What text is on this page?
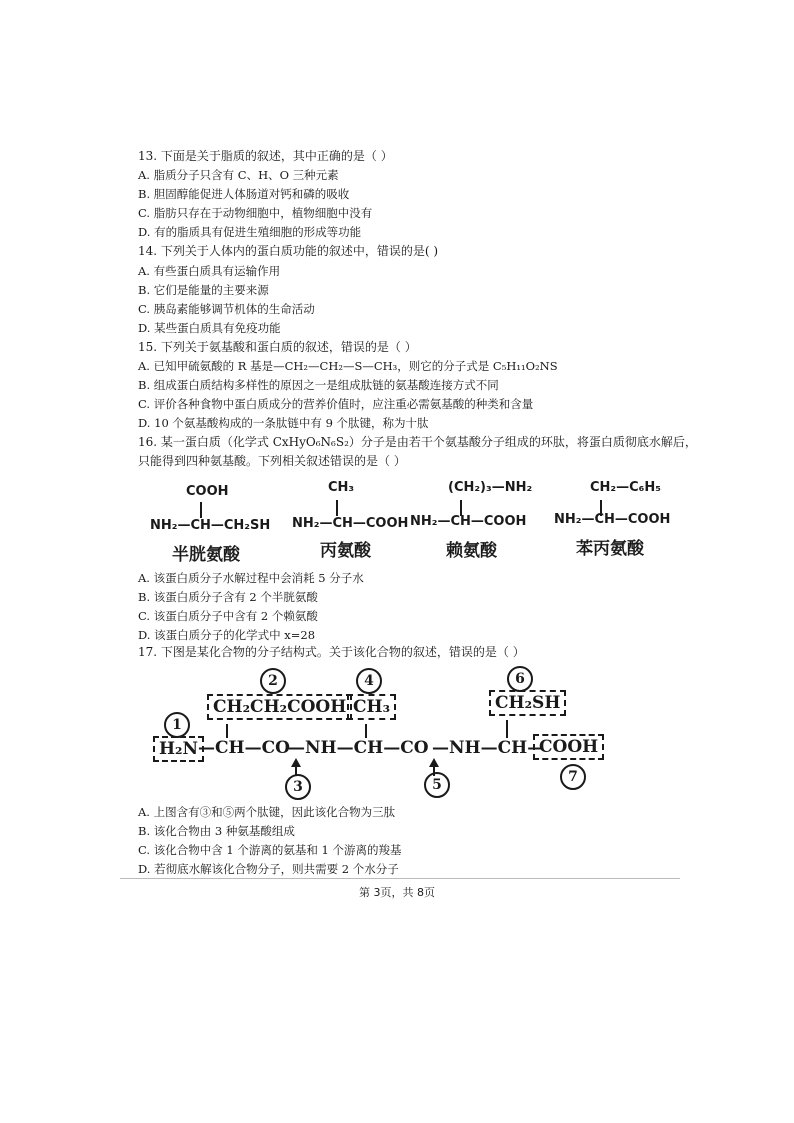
13. 下面是关于脂质的叙述，其中正确的是（ ）
A. 脂质分子只含有 C、H、O 三种元素
B. 胆固醇能促进人体肠道对钙和磷的吸收
C. 脂肪只存在于动物细胞中，植物细胞中没有
D. 有的脂质具有促进生殖细胞的形成等功能
14. 下列关于人体内的蛋白质功能的叙述中，错误的是( )
A. 有些蛋白质具有运输作用
B. 它们是能量的主要来源
C. 胰岛素能够调节机体的生命活动
D. 某些蛋白质具有免疫功能
15. 下列关于氨基酸和蛋白质的叙述，错误的是（ ）
A. 已知甲硫氨酸的 R 基是—CH₂—CH₂—S—CH₃，则它的分子式是 C₅H₁₁O₂NS
B. 组成蛋白质结构多样性的原因之一是组成肽链的氨基酸连接方式不同
C. 评价各种食物中蛋白质成分的营养价值时，应注重必需氨基酸的种类和含量
D. 10 个氨基酸构成的一条肽链中有 9 个肽键，称为十肽
16. 某一蛋白质（化学式 CxHyO₆N₆S₂）分子是由若干个氨基酸分子组成的环肽，将蛋白质彻底水解后，
只能得到四种氨基酸。下列相关叙述错误的是（ ）
COOH
NH₂—CH—CH₂SH
半胱氨酸
CH₃
NH₂—CH—COOH
丙氨酸
(CH₂)₃—NH₂
NH₂—CH—COOH
赖氨酸
CH₂—C₆H₅
NH₂—CH—COOH
苯丙氨酸
A. 该蛋白质分子水解过程中会消耗 5 分子水
B. 该蛋白质分子含有 2 个半胱氨酸
C. 该蛋白质分子中含有 2 个赖氨酸
D. 该蛋白质分子的化学式中 x=28
17. 下图是某化合物的分子结构式。关于该化合物的叙述，错误的是（ ）
2	4	6
CH₂CH₂COOH CH₃	CH₂SH
1
H₂N —CH—CO
—NH—CH—CO —NH—CH—
COOH
3	5	7
A. 上图含有③和⑤两个肽键，因此该化合物为三肽
B. 该化合物由 3 种氨基酸组成
C. 该化合物中含 1 个游离的氨基和 1 个游离的羧基
D. 若彻底水解该化合物分子，则共需要 2 个水分子
第 3页，共 8页
